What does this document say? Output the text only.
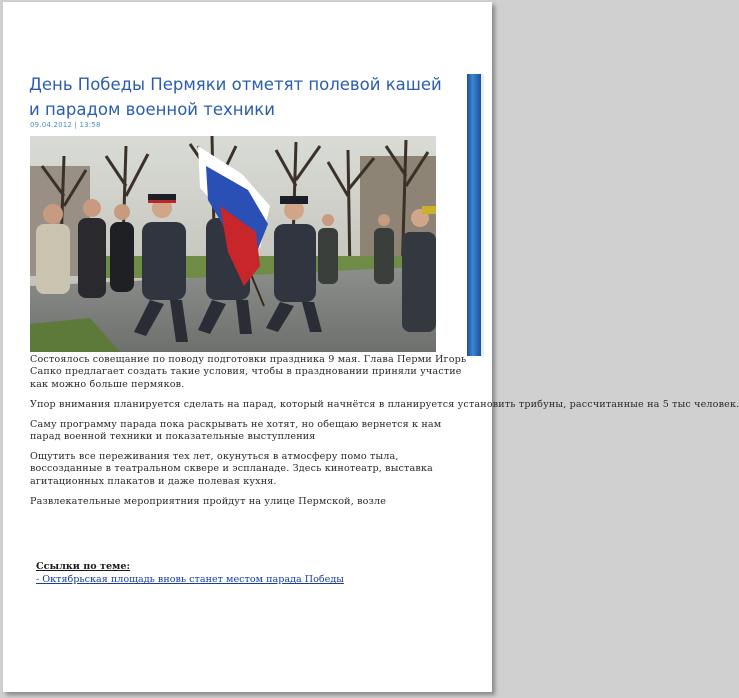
День Победы Пермяки отметят полевой кашей и парадом военной техники
09.04.2012 | 13:58

Состоялось совещание по поводу подготовки праздника 9 мая. Глава Перми Игорь Сапко предлагает создать такие условия, чтобы в праздновании приняли участие как можно больше пермяков.

Упор внимания планируется сделать на парад, который начнётся в планируется установить трибуны, рассчитанные на 5 тыс человек.

Саму программу парада пока раскрывать не хотят, но обещаю вернется к нам парад военной техники и показательные выступления

Ощутить все переживания тех лет, окунуться в атмосферу помо тыла, воссозданные в театральном сквере и эспланаде. Здесь кинотеатр, выставка агитационных плакатов и даже полевая кухня.

Развлекательные мероприятния пройдут на улице Пермской, возле

Ссылки по теме:
- Октябрьская площадь вновь станет местом парада Победы
